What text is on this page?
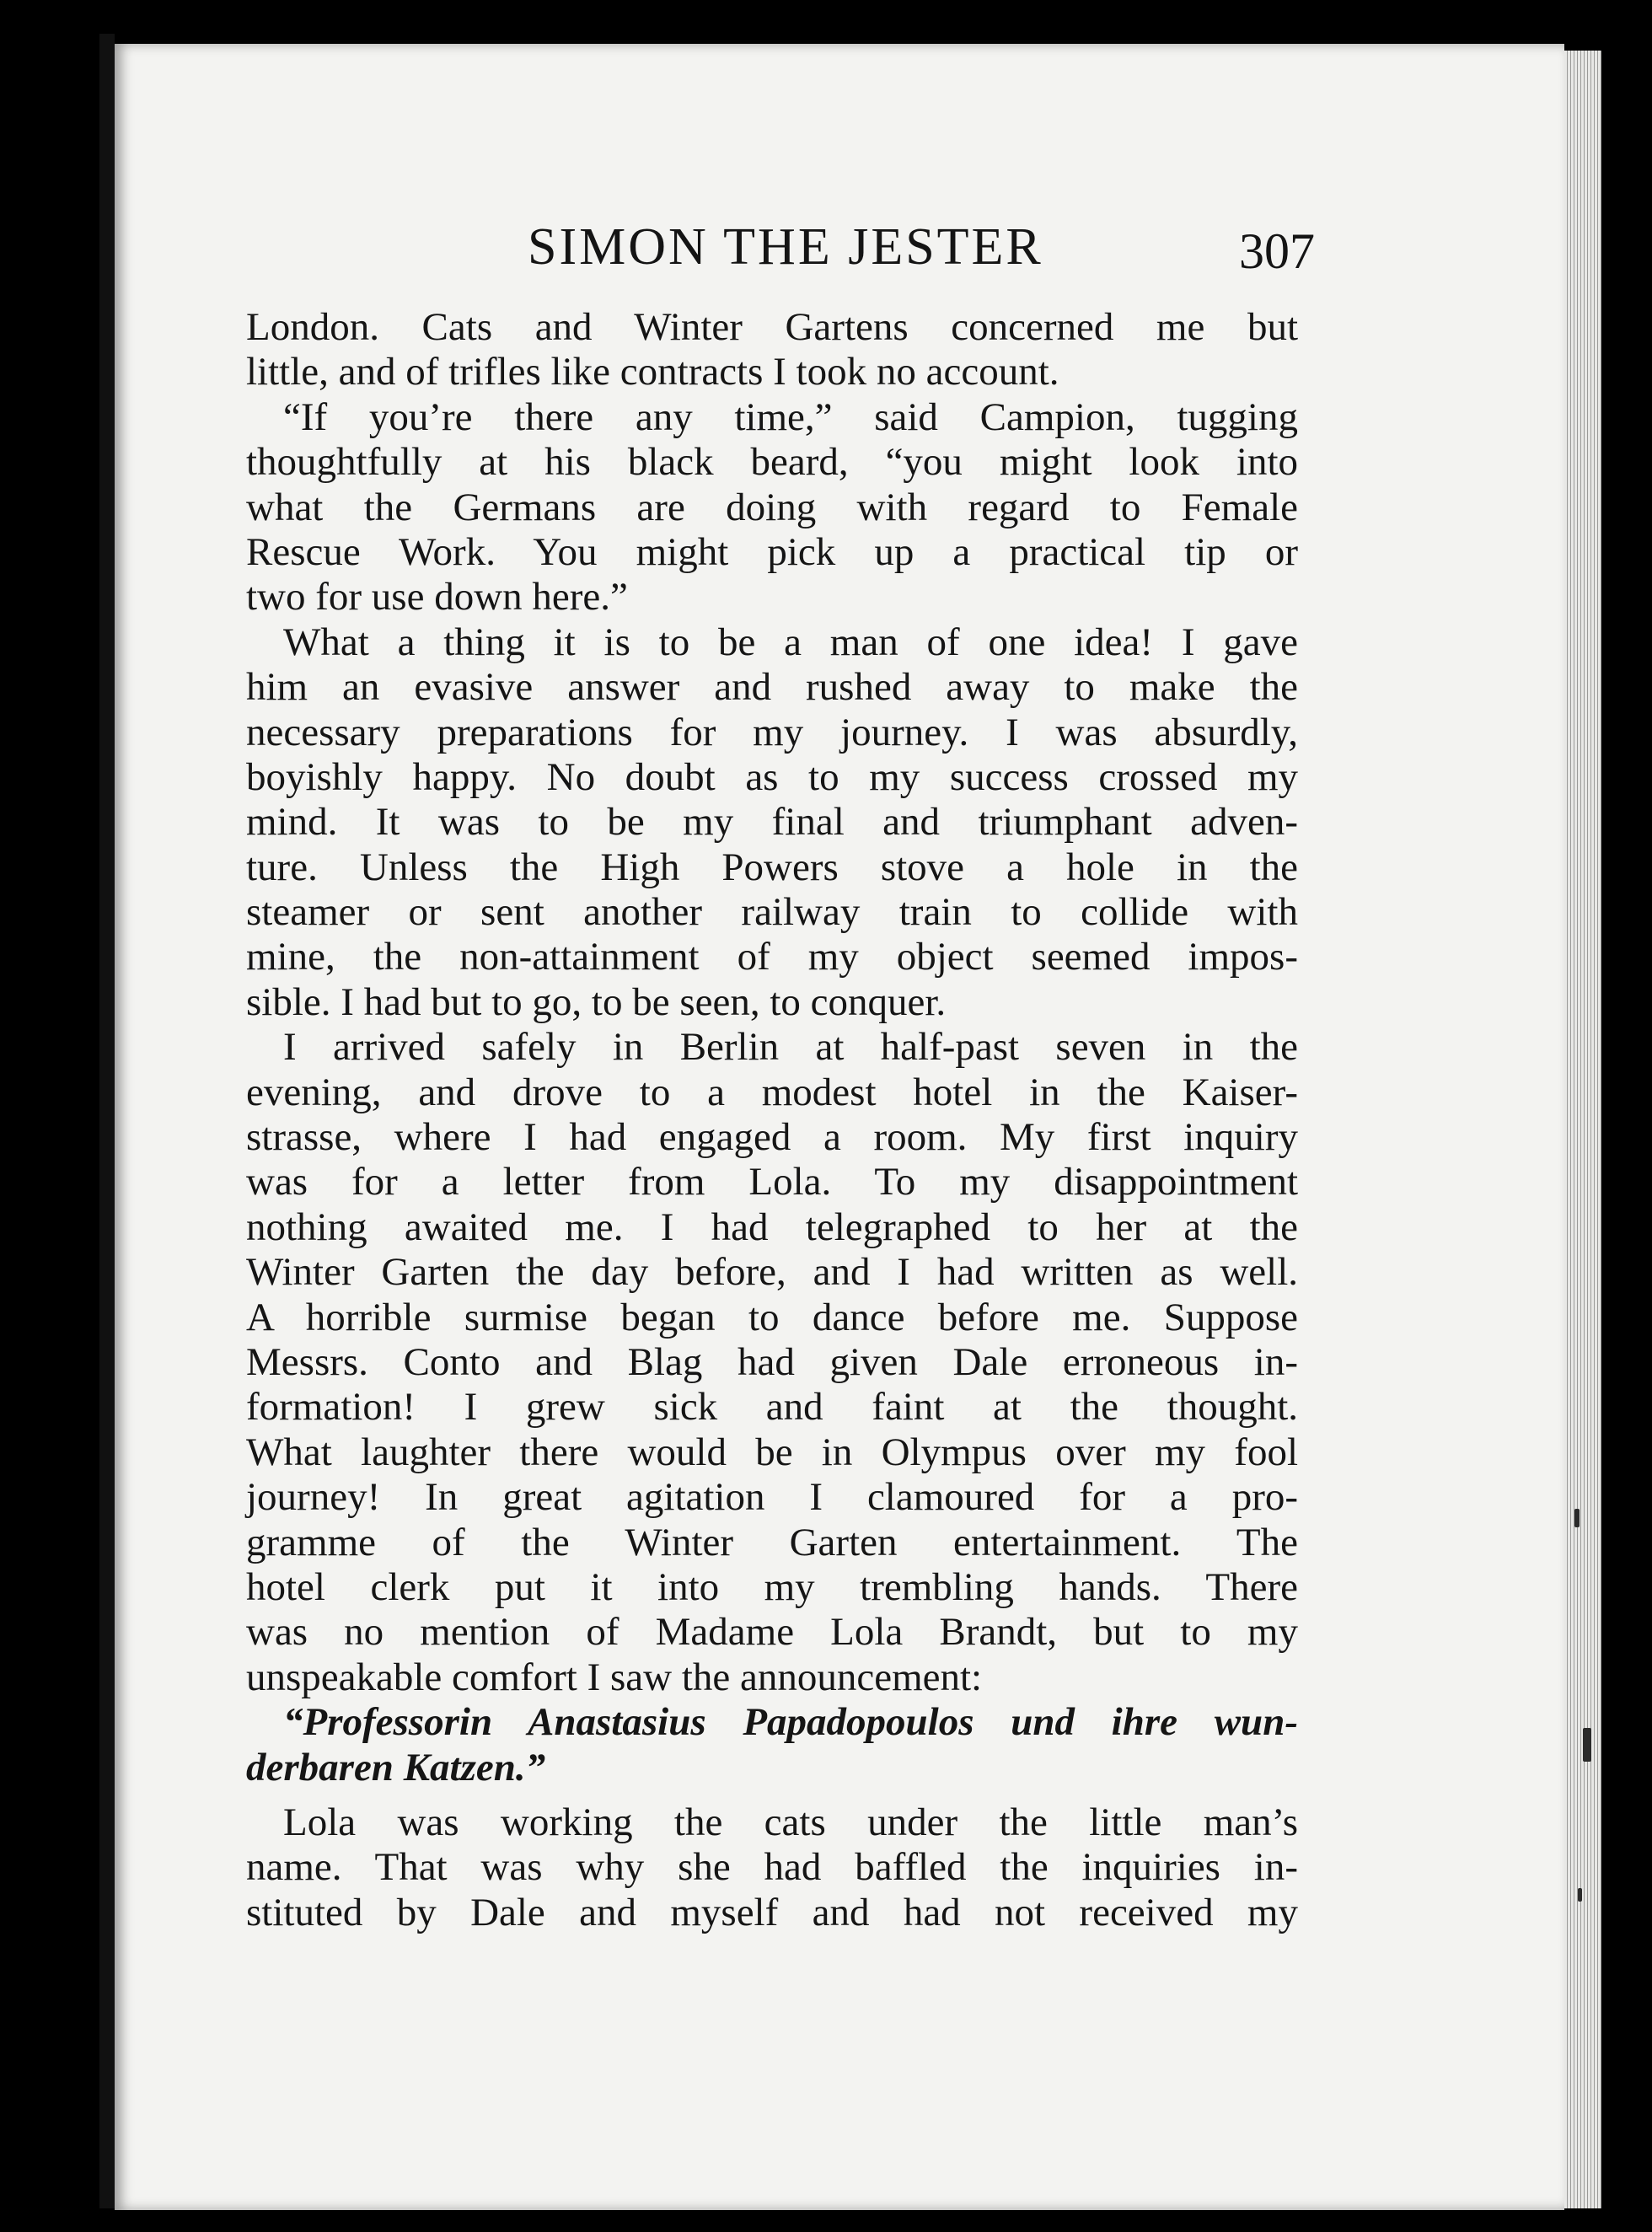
SIMON THE JESTER	307
London. Cats and Winter Gartens concerned me but
little, and of trifles like contracts I took no account.
“If you’re there any time,” said Campion, tugging
thoughtfully at his black beard, “you might look into
what the Germans are doing with regard to Female
Rescue Work. You might pick up a practical tip or
two for use down here.”
What a thing it is to be a man of one idea! I gave
him an evasive answer and rushed away to make the
necessary preparations for my journey. I was absurdly,
boyishly happy. No doubt as to my success crossed my
mind. It was to be my final and triumphant adven-
ture. Unless the High Powers stove a hole in the
steamer or sent another railway train to collide with
mine, the non-attainment of my object seemed impos-
sible. I had but to go, to be seen, to conquer.
I arrived safely in Berlin at half-past seven in the
evening, and drove to a modest hotel in the Kaiser-
strasse, where I had engaged a room. My first inquiry
was for a letter from Lola. To my disappointment
nothing awaited me. I had telegraphed to her at the
Winter Garten the day before, and I had written as well.
A horrible surmise began to dance before me. Suppose
Messrs. Conto and Blag had given Dale erroneous in-
formation! I grew sick and faint at the thought.
What laughter there would be in Olympus over my fool
journey! In great agitation I clamoured for a pro-
gramme of the Winter Garten entertainment. The
hotel clerk put it into my trembling hands. There
was no mention of Madame Lola Brandt, but to my
unspeakable comfort I saw the announcement:
“Professorin Anastasius Papadopoulos und ihre wun-
derbaren Katzen.”
Lola was working the cats under the little man’s
name. That was why she had baffled the inquiries in-
stituted by Dale and myself and had not received my
